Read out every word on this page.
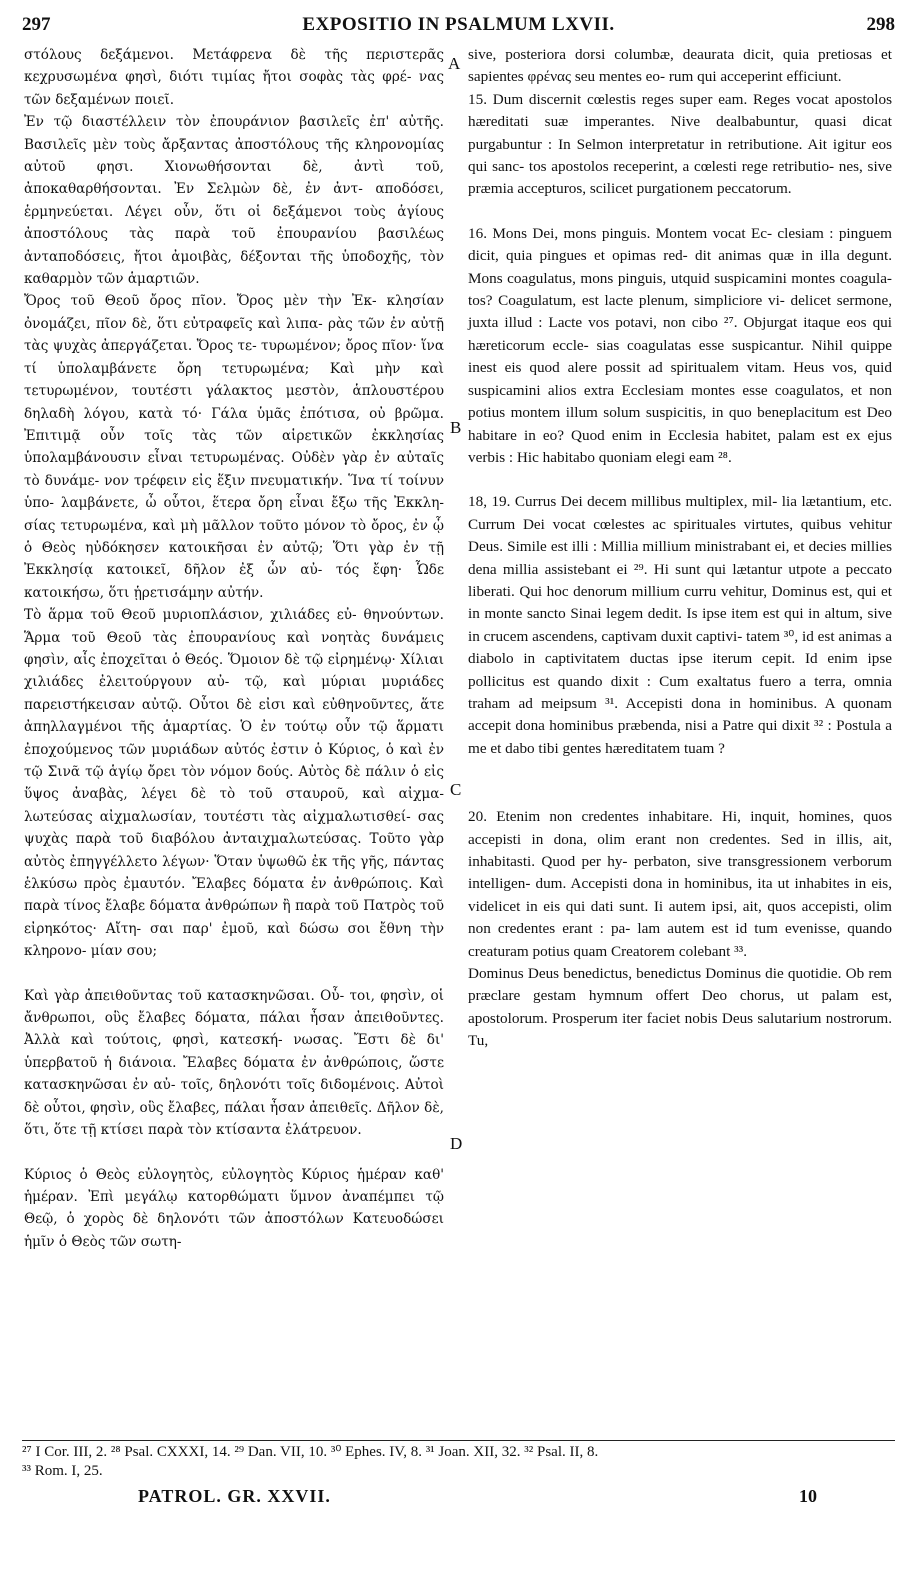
297	EXPOSITIO IN PSALMUM LXVII.	298

στόλους δεξάμενοι. Μετάφρενα δὲ τῆς περιστερᾶς κεχρυσωμένα φησὶ, διότι τιμίας ἤτοι σοφὰς τὰς φρέ- νας τῶν δεξαμένων ποιεῖ.

Ἐν τῷ διαστέλλειν τὸν ἐπουράνιον βασιλεῖς ἐπ' αὐτῆς. Βασιλεῖς μὲν τοὺς ἄρξαντας ἀποστόλους τῆς κληρονομίας αὐτοῦ φησι. Χιονωθήσονται δὲ, ἀντὶ τοῦ, ἀποκαθαρθήσονται. Ἐν Σελμὼν δὲ, ἐν ἀντ- αποδόσει, ἑρμηνεύεται. Λέγει οὖν, ὅτι οἱ δεξάμενοι τοὺς ἁγίους ἀποστόλους τὰς παρὰ τοῦ ἐπουρανίου βασιλέως ἀνταποδόσεις, ἤτοι ἀμοιβὰς, δέξονται τῆς ὑποδοχῆς, τὸν καθαρμὸν τῶν ἁμαρτιῶν.

Ὄρος τοῦ Θεοῦ ὄρος πῖον. Ὄρος μὲν τὴν Ἐκ- κλησίαν ὀνομάζει, πῖον δὲ, ὅτι εὐτραφεῖς καὶ λιπα- ρὰς τῶν ἐν αὐτῇ τὰς ψυχὰς ἀπεργάζεται. Ὄρος τε- τυρωμένον; ὄρος πῖον· ἵνα τί ὑπολαμβάνετε ὄρη τετυρωμένα; Καὶ μὴν καὶ τετυρωμένον, τουτέστι γάλακτος μεστὸν, ἁπλουστέρου δηλαδὴ λόγου, κατὰ τό· Γάλα ὑμᾶς ἐπότισα, οὐ βρῶμα. Ἐπιτιμᾷ οὖν τοῖς τὰς τῶν αἱρετικῶν ἐκκλησίας ὑπολαμβάνουσιν εἶναι τετυρωμένας. Οὐδὲν γὰρ ἐν αὐταῖς τὸ δυνάμε- νον τρέφειν εἰς ἕξιν πνευματικήν. Ἵνα τί τοίνυν ὑπο- λαμβάνετε, ὦ οὗτοι, ἕτερα ὄρη εἶναι ἔξω τῆς Ἐκκλη- σίας τετυρωμένα, καὶ μὴ μᾶλλον τοῦτο μόνον τὸ ὄρος, ἐν ᾧ ὁ Θεὸς ηὐδόκησεν κατοικῆσαι ἐν αὐτῷ; Ὅτι γὰρ ἐν τῇ Ἐκκλησίᾳ κατοικεῖ, δῆλον ἐξ ὧν αὐ- τός ἔφη· Ὧδε κατοικήσω, ὅτι ᾑρετισάμην αὐτήν.

Τὸ ἅρμα τοῦ Θεοῦ μυριοπλάσιον, χιλιάδες εὐ- θηνούντων. Ἅρμα τοῦ Θεοῦ τὰς ἐπουρανίους καὶ νοητὰς δυνάμεις φησὶν, αἷς ἐποχεῖται ὁ Θεός. Ὅμοιον δὲ τῷ εἰρημένῳ· Χίλιαι χιλιάδες ἐλειτούργουν αὐ- τῷ, καὶ μύριαι μυριάδες παρειστήκεισαν αὐτῷ. Οὗτοι δὲ εἰσι καὶ εὐθηνοῦντες, ἅτε ἀπηλλαγμένοι τῆς ἁμαρτίας. Ὁ ἐν τούτῳ οὖν τῷ ἅρματι ἐποχούμενος τῶν μυριάδων αὐτός ἐστιν ὁ Κύριος, ὁ καὶ ἐν τῷ Σινᾶ τῷ ἁγίῳ ὄρει τὸν νόμον δούς. Αὐτὸς δὲ πάλιν ὁ εἰς ὕψος ἀναβὰς, λέγει δὲ τὸ τοῦ σταυροῦ, καὶ αἰχμα- λωτεύσας αἰχμαλωσίαν, τουτέστι τὰς αἰχμαλωτισθεί- σας ψυχὰς παρὰ τοῦ διαβόλου ἀνταιχμαλωτεύσας. Τοῦτο γὰρ αὐτὸς ἐπηγγέλλετο λέγων· Ὅταν ὑψωθῶ ἐκ τῆς γῆς, πάντας ἑλκύσω πρὸς ἐμαυτόν. Ἔλαβες δόματα ἐν ἀνθρώποις. Καὶ παρὰ τίνος ἔλαβε δόματα ἀνθρώπων ἢ παρὰ τοῦ Πατρὸς τοῦ εἰρηκότος· Αἴτη- σαι παρ' ἐμοῦ, καὶ δώσω σοι ἔθνη τὴν κληρονο- μίαν σου;

Καὶ γὰρ ἀπειθοῦντας τοῦ κατασκηνῶσαι. Οὗ- τοι, φησὶν, οἱ ἄνθρωποι, οὓς ἔλαβες δόματα, πάλαι ἦσαν ἀπειθοῦντες. Ἀλλὰ καὶ τούτοις, φησὶ, κατεσκή- νωσας. Ἔστι δὲ δι' ὑπερβατοῦ ἡ διάνοια. Ἔλαβες δόματα ἐν ἀνθρώποις, ὥστε κατασκηνῶσαι ἐν αὐ- τοῖς, δηλονότι τοῖς διδομένοις. Αὐτοὶ δὲ οὗτοι, φησὶν, οὓς ἔλαβες, πάλαι ἦσαν ἀπειθεῖς. Δῆλον δὲ, ὅτι, ὅτε τῇ κτίσει παρὰ τὸν κτίσαντα ἐλάτρευον.

Κύριος ὁ Θεὸς εὐλογητὸς, εὐλογητὸς Κύριος ἡμέραν καθ' ἡμέραν. Ἐπὶ μεγάλῳ κατορθώματι ὕμνον ἀναπέμπει τῷ Θεῷ, ὁ χορὸς δὲ δηλονότι τῶν ἀποστόλων Κατευοδώσει ἡμῖν ὁ Θεὸς τῶν σωτη-

A
B
C
D

sive, posteriora dorsi columbæ, deaurata dicit, quia pretiosas et sapientes φρένας seu mentes eo- rum qui acceperint efficiunt.

15. Dum discernit cœlestis reges super eam. Reges vocat apostolos hæreditati suæ imperantes. Nive dealbabuntur, quasi dicat purgabuntur : In Selmon interpretatur in retributione. Ait igitur eos qui sanc- tos apostolos receperint, a cœlesti rege retributio- nes, sive præmia accepturos, scilicet purgationem peccatorum.

16. Mons Dei, mons pinguis. Montem vocat Ec- clesiam : pinguem dicit, quia pingues et opimas red- dit animas quæ in illa degunt. Mons coagulatus, mons pinguis, utquid suspicamini montes coagula- tos? Coagulatum, est lacte plenum, simpliciore vi- delicet sermone, juxta illud : Lacte vos potavi, non cibo ²⁷. Objurgat itaque eos qui hæreticorum eccle- sias coagulatas esse suspicantur. Nihil quippe inest eis quod alere possit ad spiritualem vitam. Heus vos, quid suspicamini alios extra Ecclesiam montes esse coagulatos, et non potius montem illum solum suspicitis, in quo beneplacitum est Deo habitare in eo? Quod enim in Ecclesia habitet, palam est ex ejus verbis : Hic habitabo quoniam elegi eam ²⁸.

18, 19. Currus Dei decem millibus multiplex, mil- lia lætantium, etc. Currum Dei vocat cœlestes ac spirituales virtutes, quibus vehitur Deus. Simile est illi : Millia millium ministrabant ei, et decies millies dena millia assistebant ei ²⁹. Hi sunt qui lætantur utpote a peccato liberati. Qui hoc denorum millium curru vehitur, Dominus est, qui et in monte sancto Sinai legem dedit. Is ipse item est qui in altum, sive in crucem ascendens, captivam duxit captivi- tatem ³⁰, id est animas a diabolo in captivitatem ductas ipse iterum cepit. Id enim ipse pollicitus est quando dixit : Cum exaltatus fuero a terra, omnia traham ad meipsum ³¹. Accepisti dona in hominibus. A quonam accepit dona hominibus præbenda, nisi a Patre qui dixit ³² : Postula a me et dabo tibi gentes hæreditatem tuam ?

20. Etenim non credentes inhabitare. Hi, inquit, homines, quos accepisti in dona, olim erant non credentes. Sed in illis, ait, inhabitasti. Quod per hy- perbaton, sive transgressionem verborum intelligen- dum. Accepisti dona in hominibus, ita ut inhabites in eis, videlicet in eis qui dati sunt. Ii autem ipsi, ait, quos accepisti, olim non credentes erant : pa- lam autem est id tum evenisse, quando creaturam potius quam Creatorem colebant ³³.

Dominus Deus benedictus, benedictus Dominus die quotidie. Ob rem præclare gestam hymnum offert Deo chorus, ut palam est, apostolorum. Prosperum iter faciet nobis Deus salutarium nostrorum. Tu,

²⁷ I Cor. III, 2. ²⁸ Psal. CXXXI, 14. ²⁹ Dan. VII, 10. ³⁰ Ephes. IV, 8. ³¹ Joan. XII, 32. ³² Psal. II, 8.
³³ Rom. I, 25.
PATROL. GR. XXVII.	10
